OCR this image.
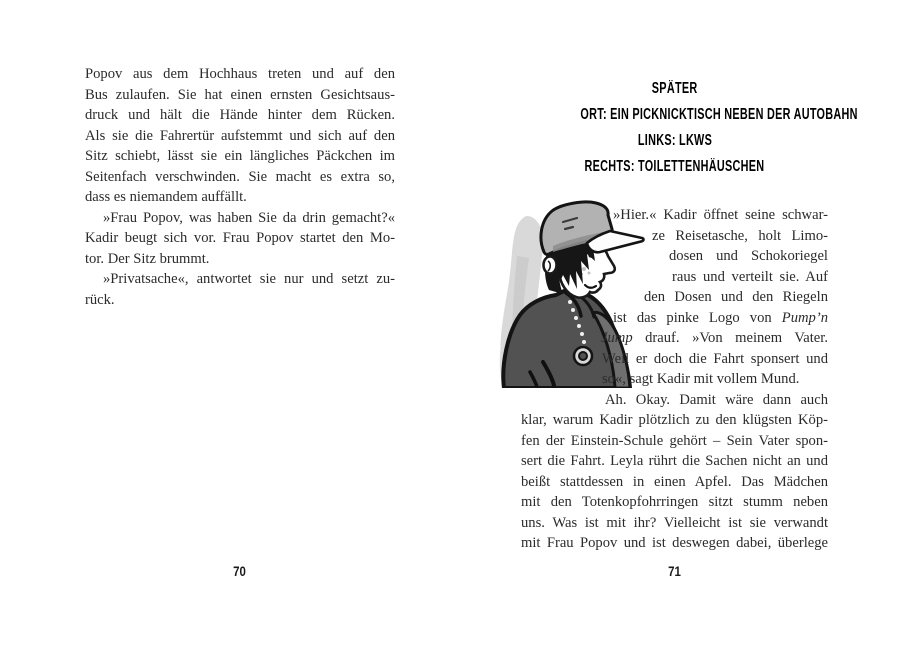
Popov aus dem Hochhaus treten und auf den
Bus zulaufen. Sie hat einen ernsten Gesichtsaus-
druck und hält die Hände hinter dem Rücken.
Als sie die Fahrertür aufstemmt und sich auf den
Sitz schiebt, lässt sie ein längliches Päckchen im
Seitenfach verschwinden. Sie macht es extra so,
dass es niemandem auffällt.
»Frau Popov, was haben Sie da drin gemacht?«
Kadir beugt sich vor. Frau Popov startet den Mo-
tor. Der Sitz brummt.
»Privatsache«, antwortet sie nur und setzt zu-
rück.
70
SPÄTER
ORT: EIN PICKNICKTISCH NEBEN DER AUTOBAHN
LINKS: LKWS
RECHTS: TOILETTENHÄUSCHEN
»Hier.« Kadir öffnet seine schwar-
ze Reisetasche, holt Limo-
dosen und Schokoriegel
raus und verteilt sie. Auf
den Dosen und den Riegeln
ist das pinke Logo von Pump’n
Jump drauf. »Von meinem Vater.
Weil er doch die Fahrt sponsert und
so«, sagt Kadir mit vollem Mund.
Ah. Okay. Damit wäre dann auch
klar, warum Kadir plötzlich zu den klügsten Köp-
fen der Einstein-Schule gehört – Sein Vater spon-
sert die Fahrt. Leyla rührt die Sachen nicht an und
beißt stattdessen in einen Apfel. Das Mädchen
mit den Totenkopfohrringen sitzt stumm neben
uns. Was ist mit ihr? Vielleicht ist sie verwandt
mit Frau Popov und ist deswegen dabei, überlege
71
